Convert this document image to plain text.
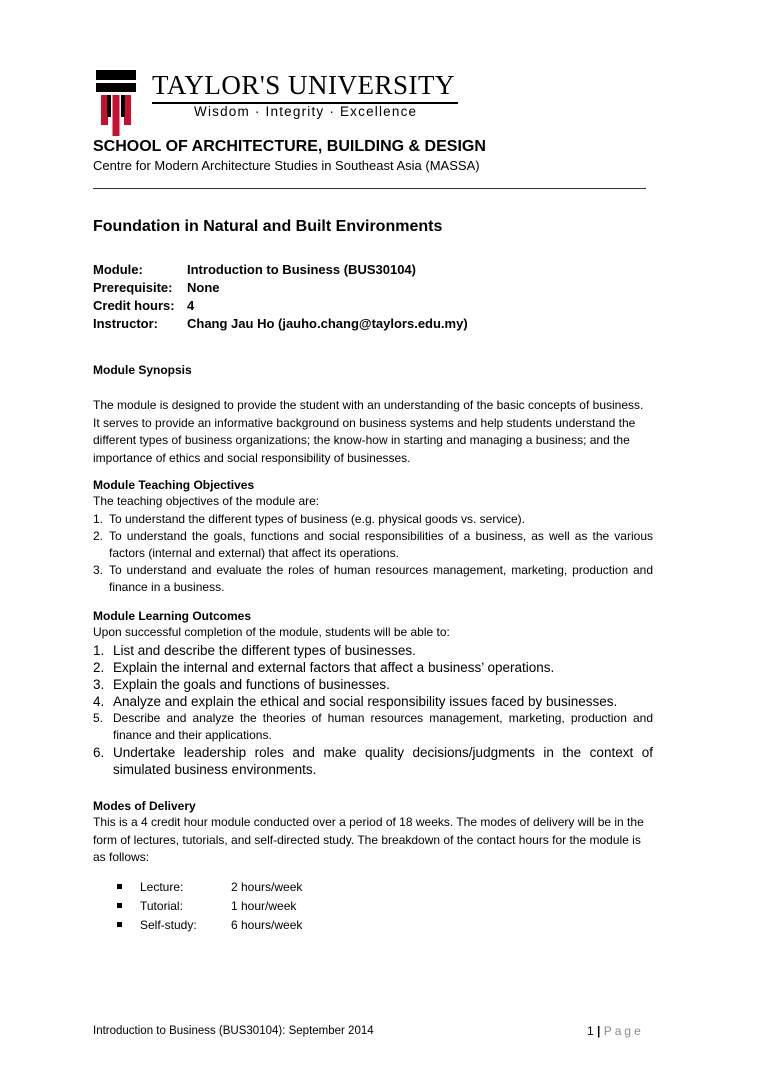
TAYLOR'S UNIVERSITY
Wisdom · Integrity · Excellence
SCHOOL OF ARCHITECTURE, BUILDING & DESIGN
Centre for Modern Architecture Studies in Southeast Asia (MASSA)
Foundation in Natural and Built Environments
Module:	Introduction to Business (BUS30104)
Prerequisite:	None
Credit hours:	4
Instructor:	Chang Jau Ho (jauho.chang@taylors.edu.my)
Module Synopsis

The module is designed to provide the student with an understanding of the basic concepts of business. It serves to provide an informative background on business systems and help students understand the different types of business organizations; the know-how in starting and managing a business; and the importance of ethics and social responsibility of businesses.

Module Teaching Objectives
The teaching objectives of the module are:
1. To understand the different types of business (e.g. physical goods vs. service).
2. To understand the goals, functions and social responsibilities of a business, as well as the various factors (internal and external) that affect its operations.
3. To understand and evaluate the roles of human resources management, marketing, production and finance in a business.
Module Learning Outcomes
Upon successful completion of the module, students will be able to:
1. List and describe the different types of businesses.
2. Explain the internal and external factors that affect a business’ operations.
3. Explain the goals and functions of businesses.
4. Analyze and explain the ethical and social responsibility issues faced by businesses.
5. Describe and analyze the theories of human resources management, marketing, production and finance and their applications.
6. Undertake leadership roles and make quality decisions/judgments in the context of simulated business environments.
Modes of Delivery

This is a 4 credit hour module conducted over a period of 18 weeks. The modes of delivery will be in the form of lectures, tutorials, and self-directed study. The breakdown of the contact hours for the module is as follows:

Lecture:	2 hours/week
Tutorial:	1 hour/week
Self-study:	6 hours/week
Introduction to Business (BUS30104): September 2014	1 | Page
